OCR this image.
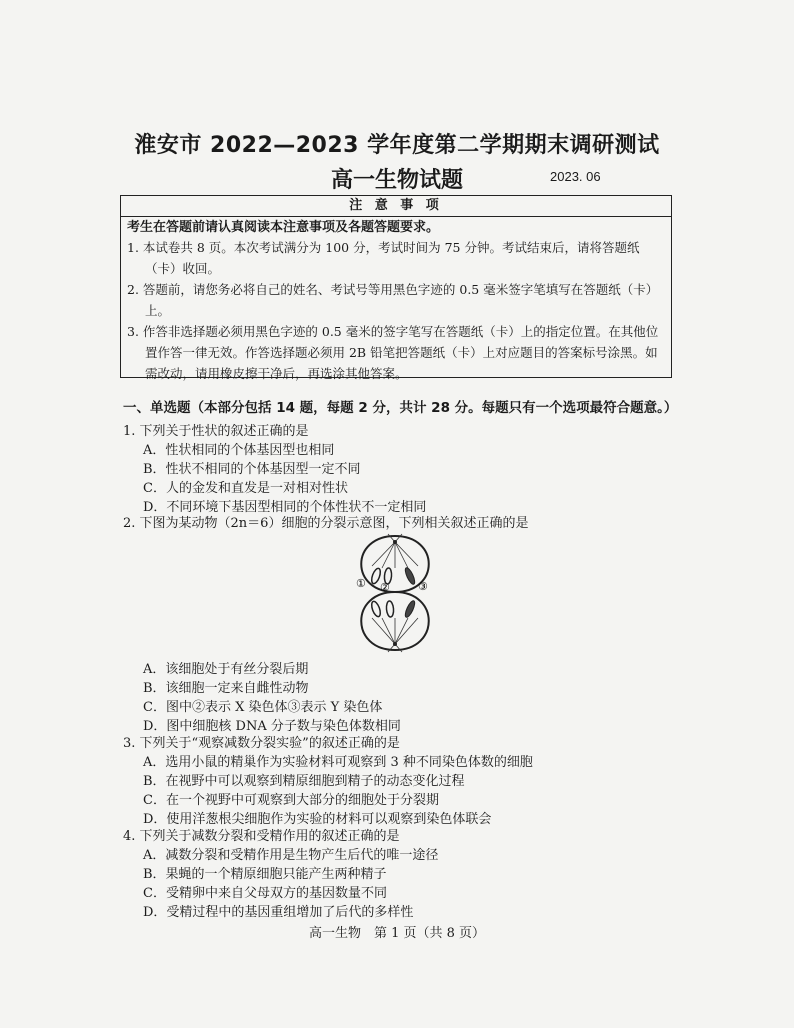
淮安市 2022—2023 学年度第二学期期末调研测试
高一生物试题	2023. 06
注 意 事 项
考生在答题前请认真阅读本注意事项及各题答题要求。
1. 本试卷共 8 页。本次考试满分为 100 分，考试时间为 75 分钟。考试结束后，请将答题纸（卡）收回。
2. 答题前，请您务必将自己的姓名、考试号等用黑色字迹的 0.5 毫米签字笔填写在答题纸（卡）上。
3. 作答非选择题必须用黑色字迹的 0.5 毫米的签字笔写在答题纸（卡）上的指定位置。在其他位置作答一律无效。作答选择题必须用 2B 铅笔把答题纸（卡）上对应题目的答案标号涂黑。如需改动，请用橡皮擦干净后，再选涂其他答案。
一、单选题（本部分包括 14 题，每题 2 分，共计 28 分。每题只有一个选项最符合题意。）
1. 下列关于性状的叙述正确的是
A．性状相同的个体基因型也相同
B．性状不相同的个体基因型一定不同
C．人的金发和直发是一对相对性状
D．不同环境下基因型相同的个体性状不一定相同
2. 下图为某动物（2n＝6）细胞的分裂示意图，下列相关叙述正确的是
① ②	③
A．该细胞处于有丝分裂后期
B．该细胞一定来自雌性动物
C．图中②表示 X 染色体③表示 Y 染色体
D．图中细胞核 DNA 分子数与染色体数相同
3. 下列关于“观察减数分裂实验”的叙述正确的是
A．选用小鼠的精巢作为实验材料可观察到 3 种不同染色体数的细胞
B．在视野中可以观察到精原细胞到精子的动态变化过程
C．在一个视野中可观察到大部分的细胞处于分裂期
D．使用洋葱根尖细胞作为实验的材料可以观察到染色体联会
4. 下列关于减数分裂和受精作用的叙述正确的是
A．减数分裂和受精作用是生物产生后代的唯一途径
B．果蝇的一个精原细胞只能产生两种精子
C．受精卵中来自父母双方的基因数量不同
D．受精过程中的基因重组增加了后代的多样性
高一生物　第 1 页（共 8 页）
